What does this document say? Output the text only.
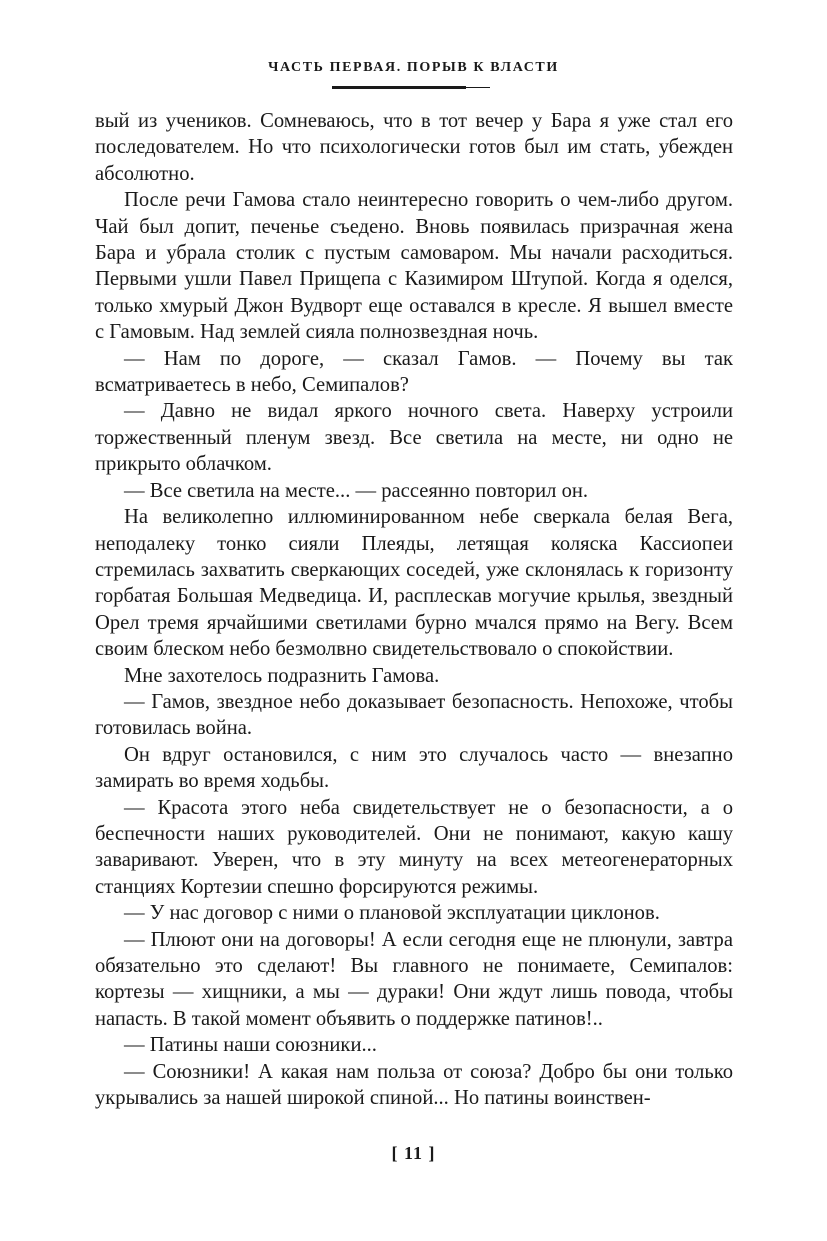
ЧАСТЬ ПЕРВАЯ. ПОРЫВ К ВЛАСТИ

вый из учеников. Сомневаюсь, что в тот вечер у Бара я уже стал его последователем. Но что психологически готов был им стать, убежден абсолютно.

После речи Гамова стало неинтересно говорить о чем-либо другом. Чай был допит, печенье съедено. Вновь появилась призрачная жена Бара и убрала столик с пустым самоваром. Мы начали расходиться. Первыми ушли Павел Прищепа с Казимиром Штупой. Когда я оделся, только хмурый Джон Вудворт еще оставался в кресле. Я вышел вместе с Гамовым. Над землей сияла полнозвездная ночь.

— Нам по дороге, — сказал Гамов. — Почему вы так всматриваетесь в небо, Семипалов?

— Давно не видал яркого ночного света. Наверху устроили торжественный пленум звезд. Все светила на месте, ни одно не прикрыто облачком.

— Все светила на месте... — рассеянно повторил он.

На великолепно иллюминированном небе сверкала белая Вега, неподалеку тонко сияли Плеяды, летящая коляска Кассиопеи стремилась захватить сверкающих соседей, уже склонялась к горизонту горбатая Большая Медведица. И, расплескав могучие крылья, звездный Орел тремя ярчайшими светилами бурно мчался прямо на Вегу. Всем своим блеском небо безмолвно свидетельствовало о спокойствии.

Мне захотелось подразнить Гамова.

— Гамов, звездное небо доказывает безопасность. Непохоже, чтобы готовилась война.

Он вдруг остановился, с ним это случалось часто — внезапно замирать во время ходьбы.

— Красота этого неба свидетельствует не о безопасности, а о беспечности наших руководителей. Они не понимают, какую кашу заваривают. Уверен, что в эту минуту на всех метеогенераторных станциях Кортезии спешно форсируются режимы.

— У нас договор с ними о плановой эксплуатации циклонов.

— Плюют они на договоры! А если сегодня еще не плюнули, завтра обязательно это сделают! Вы главного не понимаете, Семипалов: кортезы — хищники, а мы — дураки! Они ждут лишь повода, чтобы напасть. В такой момент объявить о поддержке патинов!..

— Патины наши союзники...

— Союзники! А какая нам польза от союза? Добро бы они только укрывались за нашей широкой спиной... Но патины воинствен-

[ 11 ]
